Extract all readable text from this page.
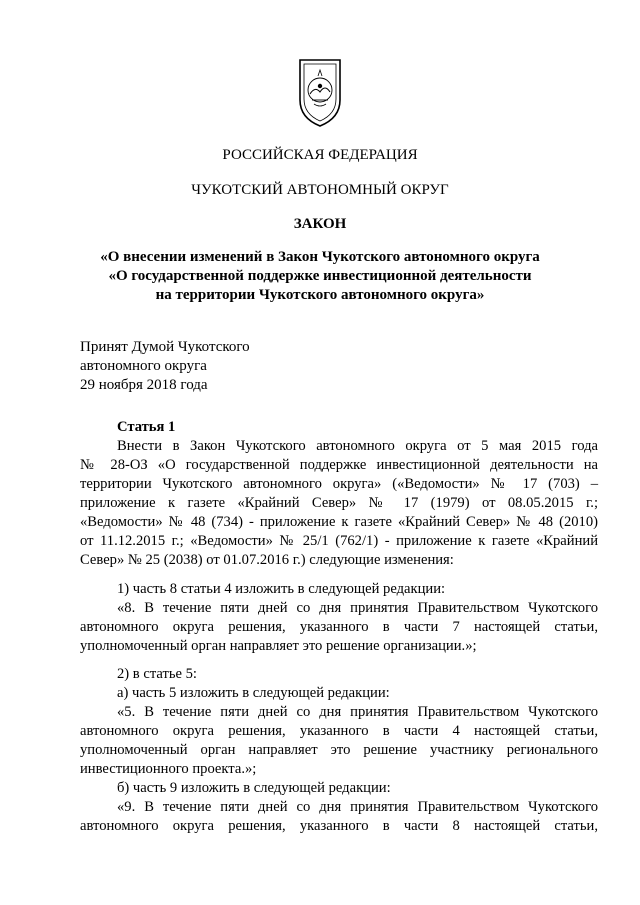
РОССИЙСКАЯ ФЕДЕРАЦИЯ
ЧУКОТСКИЙ АВТОНОМНЫЙ ОКРУГ
ЗАКОН
«О внесении изменений в Закон Чукотского автономного округа
«О государственной поддержке инвестиционной деятельности
на территории Чукотского автономного округа»
Принят Думой Чукотского
автономного округа
29 ноября 2018 года
Статья 1
Внести в Закон Чукотского автономного округа от 5 мая 2015 года
№ 28-ОЗ «О государственной поддержке инвестиционной деятельности на
территории Чукотского автономного округа» («Ведомости» № 17 (703) –
приложение к газете «Крайний Север» № 17 (1979) от 08.05.2015 г.;
«Ведомости» № 48 (734) - приложение к газете «Крайний Север» № 48 (2010)
от 11.12.2015 г.; «Ведомости» № 25/1 (762/1) - приложение к газете «Крайний
Север» № 25 (2038) от 01.07.2016 г.) следующие изменения:
1) часть 8 статьи 4 изложить в следующей редакции:
«8. В течение пяти дней со дня принятия Правительством Чукотского
автономного округа решения, указанного в части 7 настоящей статьи,
уполномоченный орган направляет это решение организации.»;
2) в статье 5:
а) часть 5 изложить в следующей редакции:
«5. В течение пяти дней со дня принятия Правительством Чукотского
автономного округа решения, указанного в части 4 настоящей статьи,
уполномоченный орган направляет это решение участнику регионального
инвестиционного проекта.»;
б) часть 9 изложить в следующей редакции:
«9. В течение пяти дней со дня принятия Правительством Чукотского
автономного округа решения, указанного в части 8 настоящей статьи,
